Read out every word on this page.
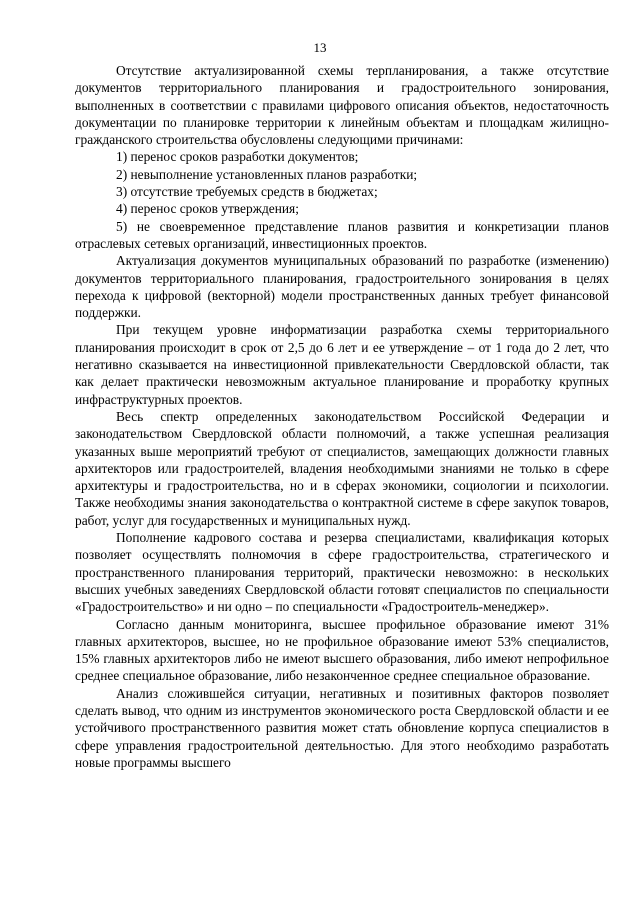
13

Отсутствие актуализированной схемы терпланирования, а также отсутствие документов территориального планирования и градостроительного зонирования, выполненных в соответствии с правилами цифрового описания объектов, недостаточность документации по планировке территории к линейным объектам и площадкам жилищно-гражданского строительства обусловлены следующими причинами:

1) перенос сроков разработки документов;

2) невыполнение установленных планов разработки;

3) отсутствие требуемых средств в бюджетах;

4) перенос сроков утверждения;

5) не своевременное представление планов развития и конкретизации планов отраслевых сетевых организаций, инвестиционных проектов.

Актуализация документов муниципальных образований по разработке (изменению) документов территориального планирования, градостроительного зонирования в целях перехода к цифровой (векторной) модели пространственных данных требует финансовой поддержки.

При текущем уровне информатизации разработка схемы территориального планирования происходит в срок от 2,5 до 6 лет и ее утверждение – от 1 года до 2 лет, что негативно сказывается на инвестиционной привлекательности Свердловской области, так как делает практически невозможным актуальное планирование и проработку крупных инфраструктурных проектов.

Весь спектр определенных законодательством Российской Федерации и законодательством Свердловской области полномочий, а также успешная реализация указанных выше мероприятий требуют от специалистов, замещающих должности главных архитекторов или градостроителей, владения необходимыми знаниями не только в сфере архитектуры и градостроительства, но и в сферах экономики, социологии и психологии. Также необходимы знания законодательства о контрактной системе в сфере закупок товаров, работ, услуг для государственных и муниципальных нужд.

Пополнение кадрового состава и резерва специалистами, квалификация которых позволяет осуществлять полномочия в сфере градостроительства, стратегического и пространственного планирования территорий, практически невозможно: в нескольких высших учебных заведениях Свердловской области готовят специалистов по специальности «Градостроительство» и ни одно – по специальности «Градостроитель-менеджер».

Согласно данным мониторинга, высшее профильное образование имеют 31% главных архитекторов, высшее, но не профильное образование имеют 53% специалистов, 15% главных архитекторов либо не имеют высшего образования, либо имеют непрофильное среднее специальное образование, либо незаконченное среднее специальное образование.

Анализ сложившейся ситуации, негативных и позитивных факторов позволяет сделать вывод, что одним из инструментов экономического роста Свердловской области и ее устойчивого пространственного развития может стать обновление корпуса специалистов в сфере управления градостроительной деятельностью. Для этого необходимо разработать новые программы высшего
